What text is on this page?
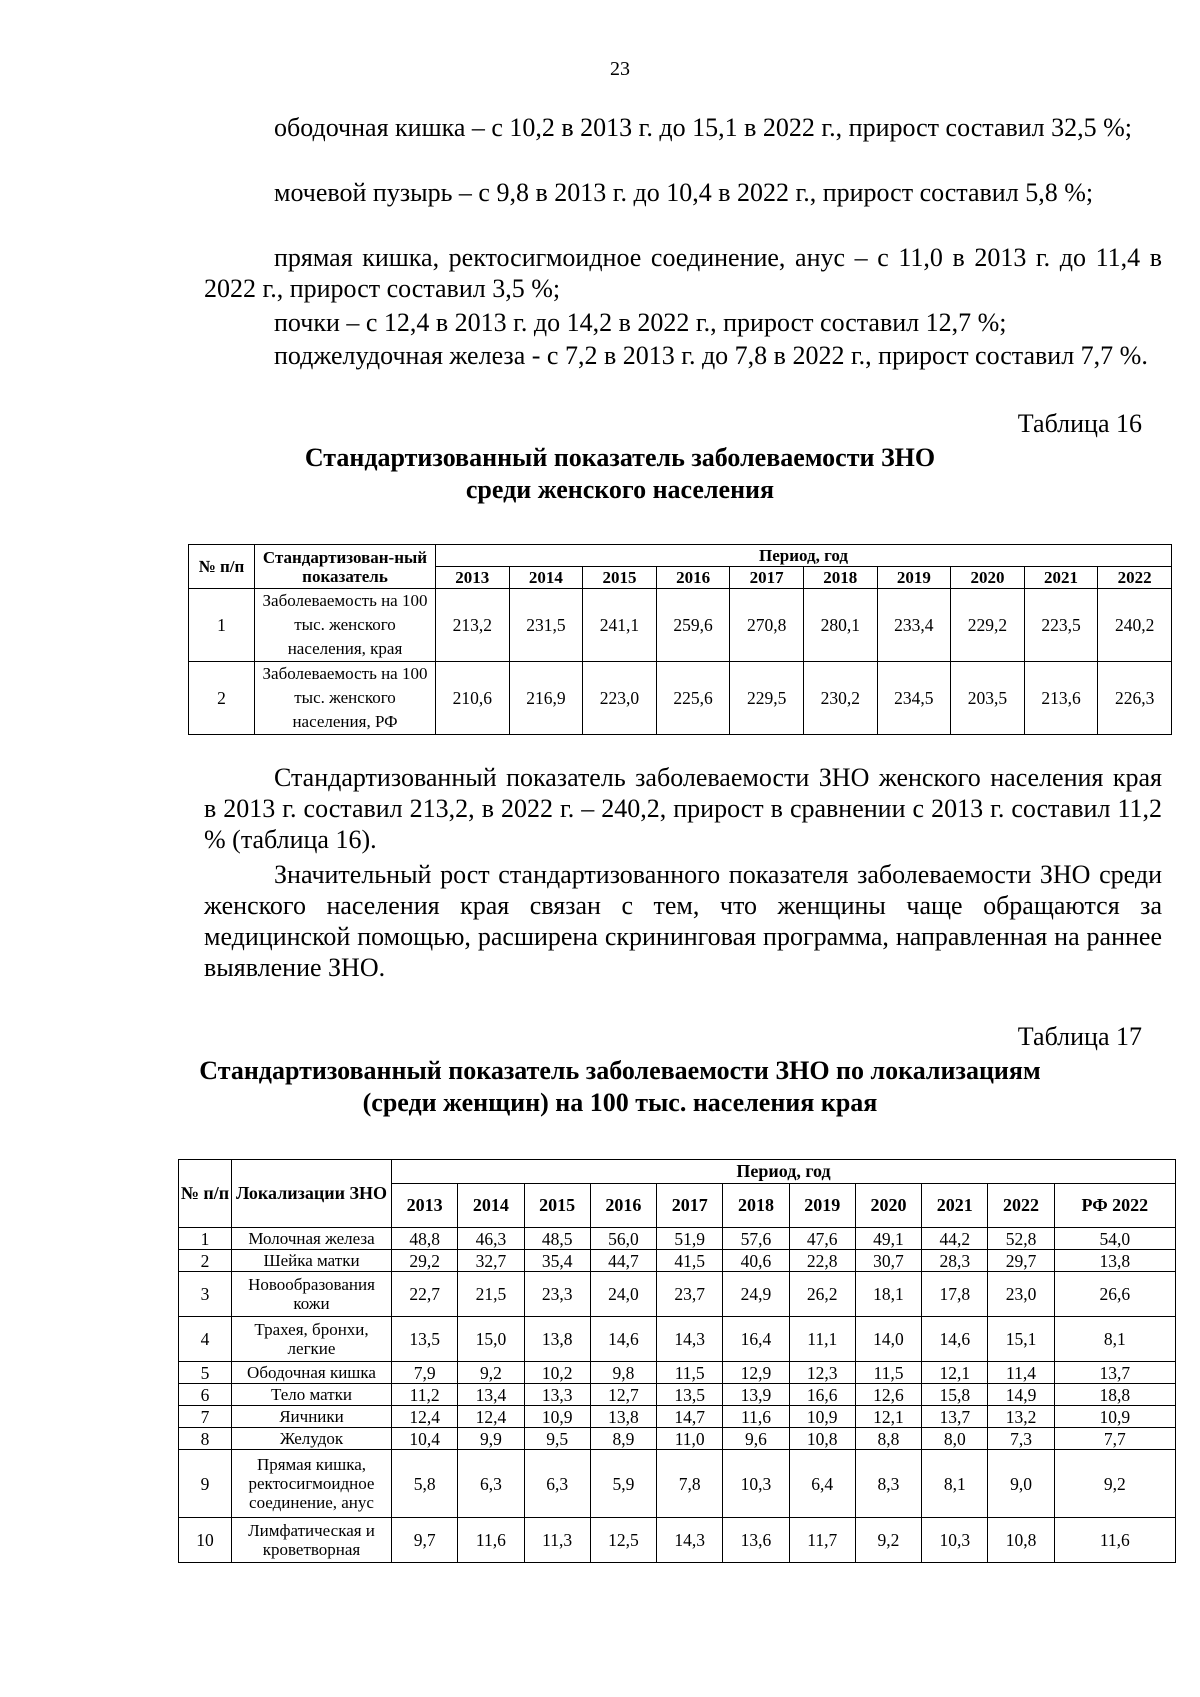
23

ободочная кишка – с 10,2 в 2013 г. до 15,1 в 2022 г., прирост составил 32,5 %;

мочевой пузырь – с 9,8 в 2013 г. до 10,4 в 2022 г., прирост составил 5,8 %;

прямая кишка, ректосигмоидное соединение, анус – с 11,0 в 2013 г. до 11,4 в 2022 г., прирост составил 3,5 %;

почки – с 12,4 в 2013 г. до 14,2 в 2022 г., прирост составил 12,7 %;

поджелудочная железа - с 7,2 в 2013 г. до 7,8 в 2022 г., прирост составил 7,7 %.

Таблица 16
Стандартизованный показатель заболеваемости ЗНО
среди женского населения
№ п/п	Стандартизован-ный показатель	Период, год									
		2013	2014	2015	2016	2017	2018	2019	2020	2021	2022
1	Заболеваемость на 100 тыс. женского населения, края	213,2	231,5	241,1	259,6	270,8	280,1	233,4	229,2	223,5	240,2
2	Заболеваемость на 100 тыс. женского населения, РФ	210,6	216,9	223,0	225,6	229,5	230,2	234,5	203,5	213,6	226,3

Стандартизованный показатель заболеваемости ЗНО женского населения края в 2013 г. составил 213,2, в 2022 г. – 240,2, прирост в сравнении с 2013 г. составил 11,2 % (таблица 16).

Значительный рост стандартизованного показателя заболеваемости ЗНО среди женского населения края связан с тем, что женщины чаще обращаются за медицинской помощью, расширена скрининговая программа, направленная на раннее выявление ЗНО.

Таблица 17
Стандартизованный показатель заболеваемости ЗНО по локализациям
(среди женщин) на 100 тыс. населения края
№ п/п	Локализации ЗНО	Период, год										
		2013	2014	2015	2016	2017	2018	2019	2020	2021	2022	РФ 2022
1	Молочная железа	48,8	46,3	48,5	56,0	51,9	57,6	47,6	49,1	44,2	52,8	54,0
2	Шейка матки	29,2	32,7	35,4	44,7	41,5	40,6	22,8	30,7	28,3	29,7	13,8
3	Новообразования кожи	22,7	21,5	23,3	24,0	23,7	24,9	26,2	18,1	17,8	23,0	26,6
4	Трахея, бронхи, легкие	13,5	15,0	13,8	14,6	14,3	16,4	11,1	14,0	14,6	15,1	8,1
5	Ободочная кишка	7,9	9,2	10,2	9,8	11,5	12,9	12,3	11,5	12,1	11,4	13,7
6	Тело матки	11,2	13,4	13,3	12,7	13,5	13,9	16,6	12,6	15,8	14,9	18,8
7	Яичники	12,4	12,4	10,9	13,8	14,7	11,6	10,9	12,1	13,7	13,2	10,9
8	Желудок	10,4	9,9	9,5	8,9	11,0	9,6	10,8	8,8	8,0	7,3	7,7
9	Прямая кишка, ректосигмоидное соединение, анус	5,8	6,3	6,3	5,9	7,8	10,3	6,4	8,3	8,1	9,0	9,2
10	Лимфатическая и кроветворная	9,7	11,6	11,3	12,5	14,3	13,6	11,7	9,2	10,3	10,8	11,6
